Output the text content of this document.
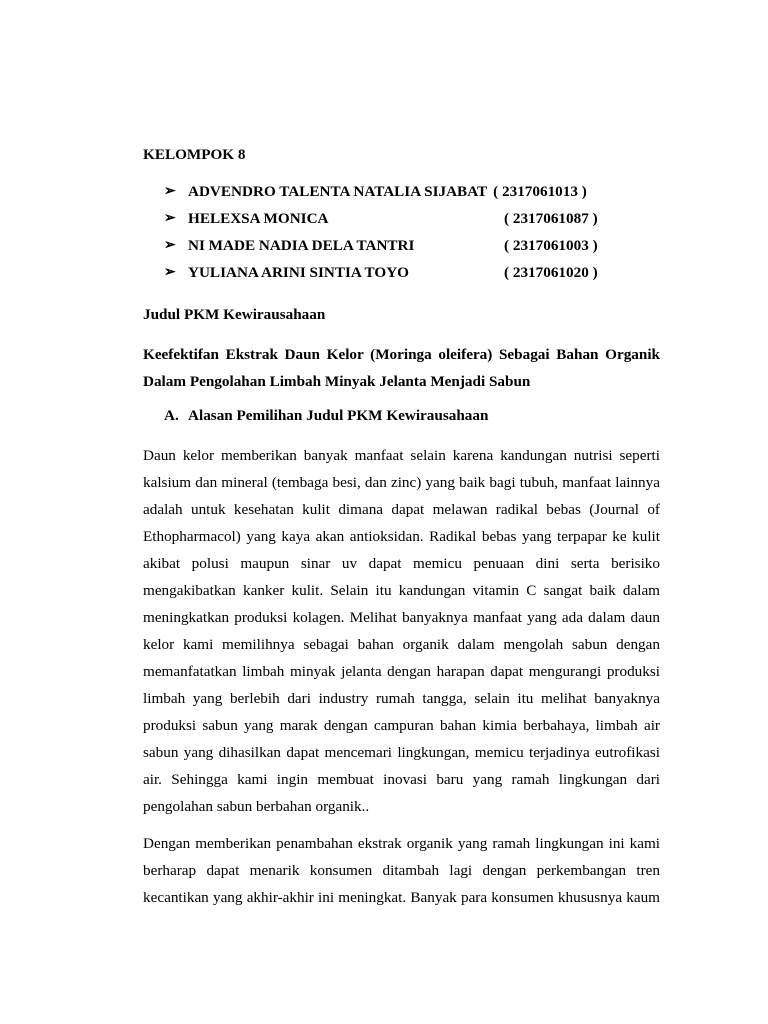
KELOMPOK 8
➢ ADVENDRO TALENTA NATALIA SIJABAT ( 2317061013 )
➢ HELEXSA MONICA	( 2317061087 )
➢ NI MADE NADIA DELA TANTRI	( 2317061003 )
➢ YULIANA ARINI SINTIA TOYO	( 2317061020 )
Judul PKM Kewirausahaan

Keefektifan Ekstrak Daun Kelor (Moringa oleifera) Sebagai Bahan Organik Dalam Pengolahan Limbah Minyak Jelanta Menjadi Sabun

A. Alasan Pemilihan Judul PKM Kewirausahaan

Daun kelor memberikan banyak manfaat selain karena kandungan nutrisi seperti kalsium dan mineral (tembaga besi, dan zinc) yang baik bagi tubuh, manfaat lainnya adalah untuk kesehatan kulit dimana dapat melawan radikal bebas (Journal of Ethopharmacol) yang kaya akan antioksidan. Radikal bebas yang terpapar ke kulit akibat polusi maupun sinar uv dapat memicu penuaan dini serta berisiko mengakibatkan kanker kulit. Selain itu kandungan vitamin C sangat baik dalam meningkatkan produksi kolagen. Melihat banyaknya manfaat yang ada dalam daun kelor kami memilihnya sebagai bahan organik dalam mengolah sabun dengan memanfatatkan limbah minyak jelanta dengan harapan dapat mengurangi produksi limbah yang berlebih dari industry rumah tangga, selain itu melihat banyaknya produksi sabun yang marak dengan campuran bahan kimia berbahaya, limbah air sabun yang dihasilkan dapat mencemari lingkungan, memicu terjadinya eutrofikasi air. Sehingga kami ingin membuat inovasi baru yang ramah lingkungan dari pengolahan sabun berbahan organik..

Dengan memberikan penambahan ekstrak organik yang ramah lingkungan ini kami berharap dapat menarik konsumen ditambah lagi dengan perkembangan tren kecantikan yang akhir-akhir ini meningkat. Banyak para konsumen khususnya kaum
